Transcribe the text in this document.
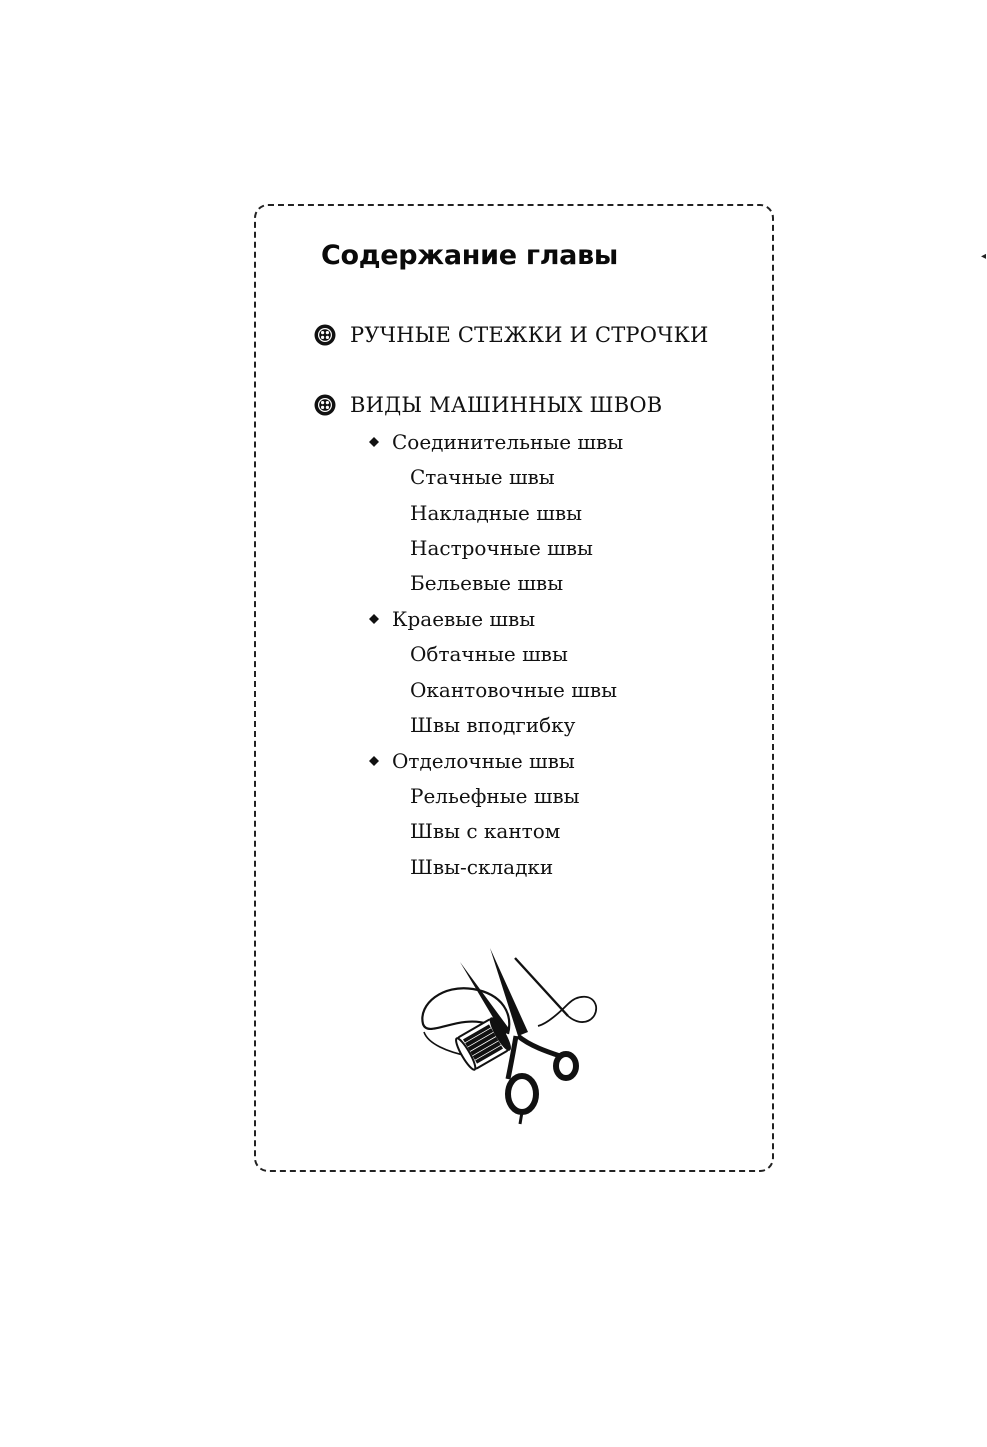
Содержание главы
РУЧНЫЕ СТЕЖКИ И СТРОЧКИ
ВИДЫ МАШИННЫХ ШВОВ
Соединительные швы
Стачные швы
Накладные швы
Настрочные швы
Бельевые швы
Краевые швы
Обтачные швы
Окантовочные швы
Швы вподгибку
Отделочные швы
Рельефные швы
Швы с кантом
Швы-складки
◂
